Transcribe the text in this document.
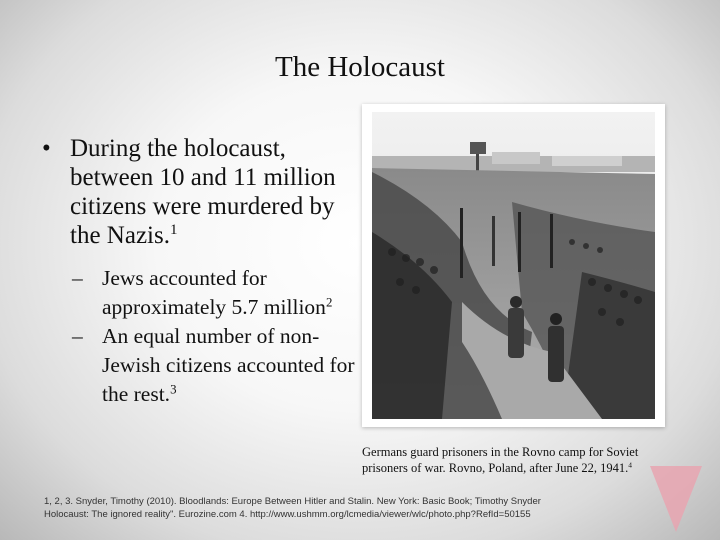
The Holocaust
• During the holocaust, between 10 and 11 million citizens were murdered by the Nazis.$^1$
– Jews accounted for approximately 5.7 million$^2$
– An equal number of non-Jewish citizens accounted for the rest.$^3$
Germans guard prisoners in the Rovno camp for Soviet prisoners of war. Rovno, Poland, after June 22, 1941.$^4$
1, 2, 3. Snyder, Timothy (2010). Bloodlands: Europe Between Hitler and Stalin. New York: Basic Book; Timothy Snyder
Holocaust: The ignored reality". Eurozine.com 4. http://www.ushmm.org/lcmedia/viewer/wlc/photo.php?RefId=50155
